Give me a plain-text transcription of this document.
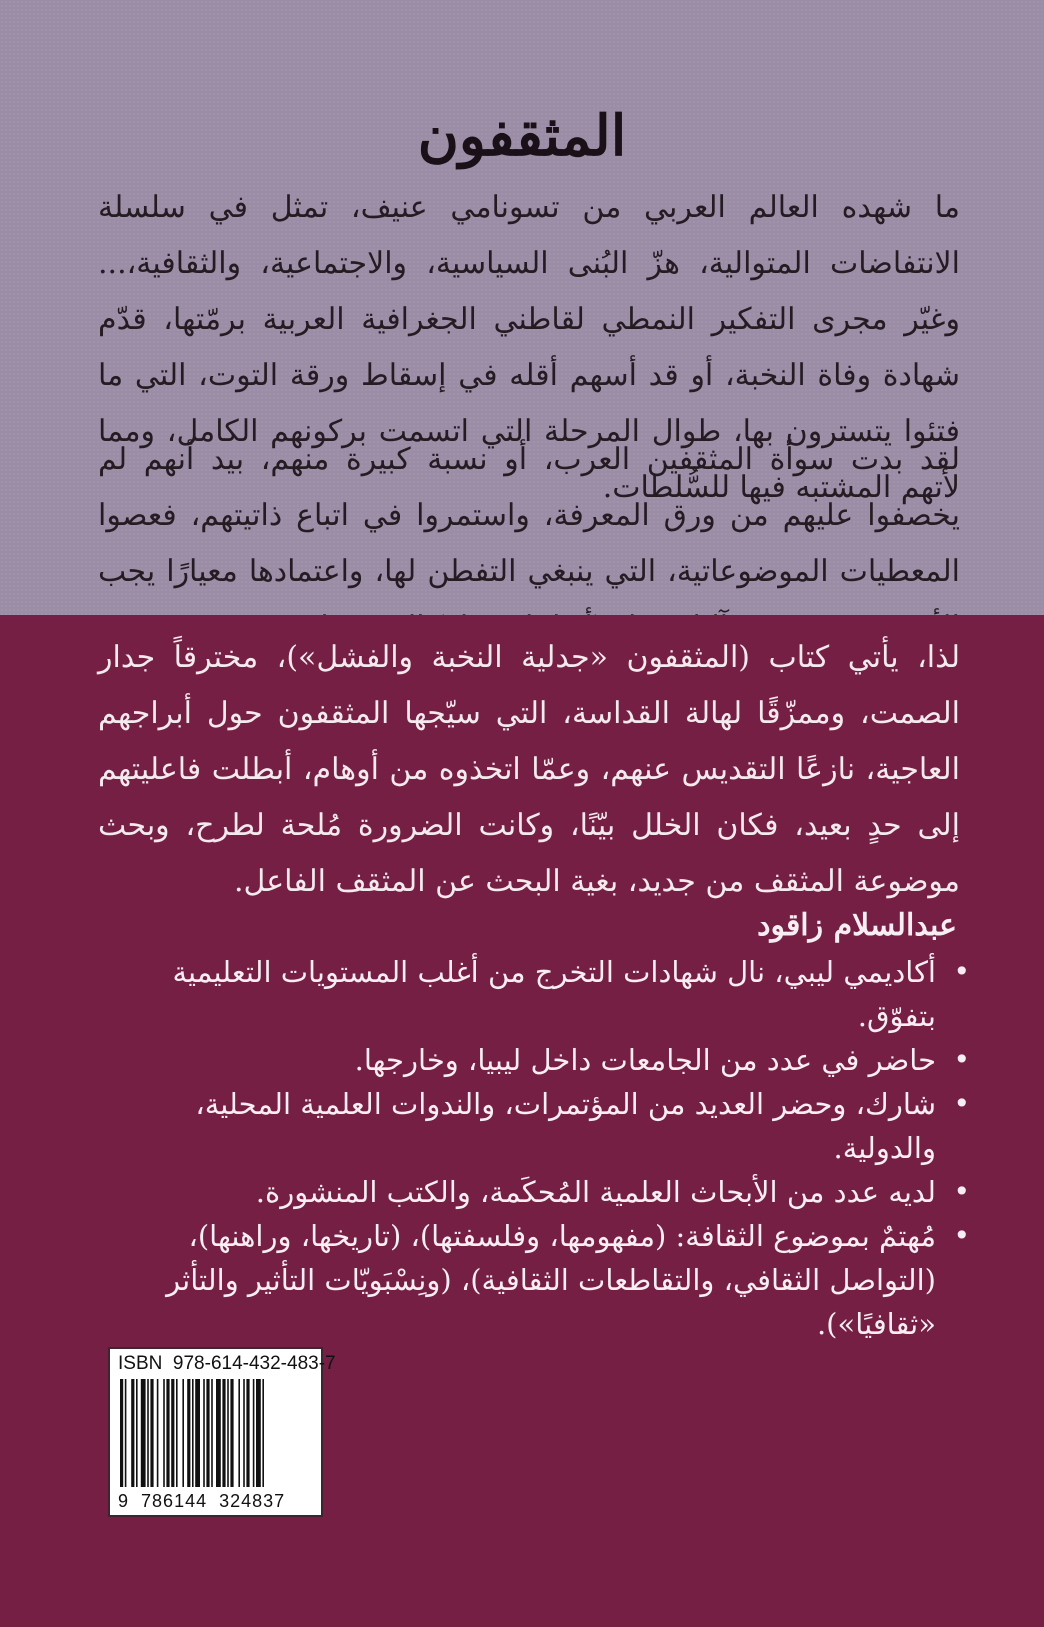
المثقفون

ما شهده العالم العربي من تسونامي عنيف، تمثل في سلسلة الانتفاضات المتوالية، هزّ البُنى السياسية، والاجتماعية، والثقافية،... وغيّر مجرى التفكير النمطي لقاطني الجغرافية العربية برمّتها، قدّم شهادة وفاة النخبة، أو قد أسهم أقله في إسقاط ورقة التوت، التي ما فتئوا يتسترون بها، طوال المرحلة التي اتسمت بركونهم الكامل، ومما لأتهم المشتبه فيها للسُّلطات.

لقد بدت سوأة المثقفين العرب، أو نسبة كبيرة منهم، بيد أنهم لم يخصفوا عليهم من ورق المعرفة، واستمروا في اتباع ذاتيتهم، فعصوا المعطيات الموضوعاتية، التي ينبغي التفطن لها، واعتمادها معيارًا يجب

لذا، يأتي كتاب (المثقفون «جدلية النخبة والفشل»)، مخترقاً جدار الصمت، وممزّقًا لهالة القداسة، التي سيّجها المثقفون حول أبراجهم العاجية، نازعًا التقديس عنهم، وعمّا اتخذوه من أوهام، أبطلت فاعليتهم إلى حدٍ بعيد، فكان الخلل بيّنًا، وكانت الضرورة مُلحة لطرح، وبحث موضوعة المثقف من جديد، بغية البحث عن المثقف الفاعل.

عبدالسلام زاقود

•
أكاديمي ليبي، نال شهادات التخرج من أغلب المستويات التعليمية بتفوّق.
•
حاضر في عدد من الجامعات داخل ليبيا، وخارجها.
•
شارك، وحضر العديد من المؤتمرات، والندوات العلمية المحلية، والدولية.
•
لديه عدد من الأبحاث العلمية المُحكَمة، والكتب المنشورة.
•
مُهتمٌ بموضوع الثقافة: (مفهومها، وفلسفتها)، (تاريخها، وراهنها)، (التواصل الثقافي، والتقاطعات الثقافية)، (ونِسْبَويّات التأثير والتأثر «ثقافيًا»).

ISBN 978-614-432-483-7

9 786144 324837
